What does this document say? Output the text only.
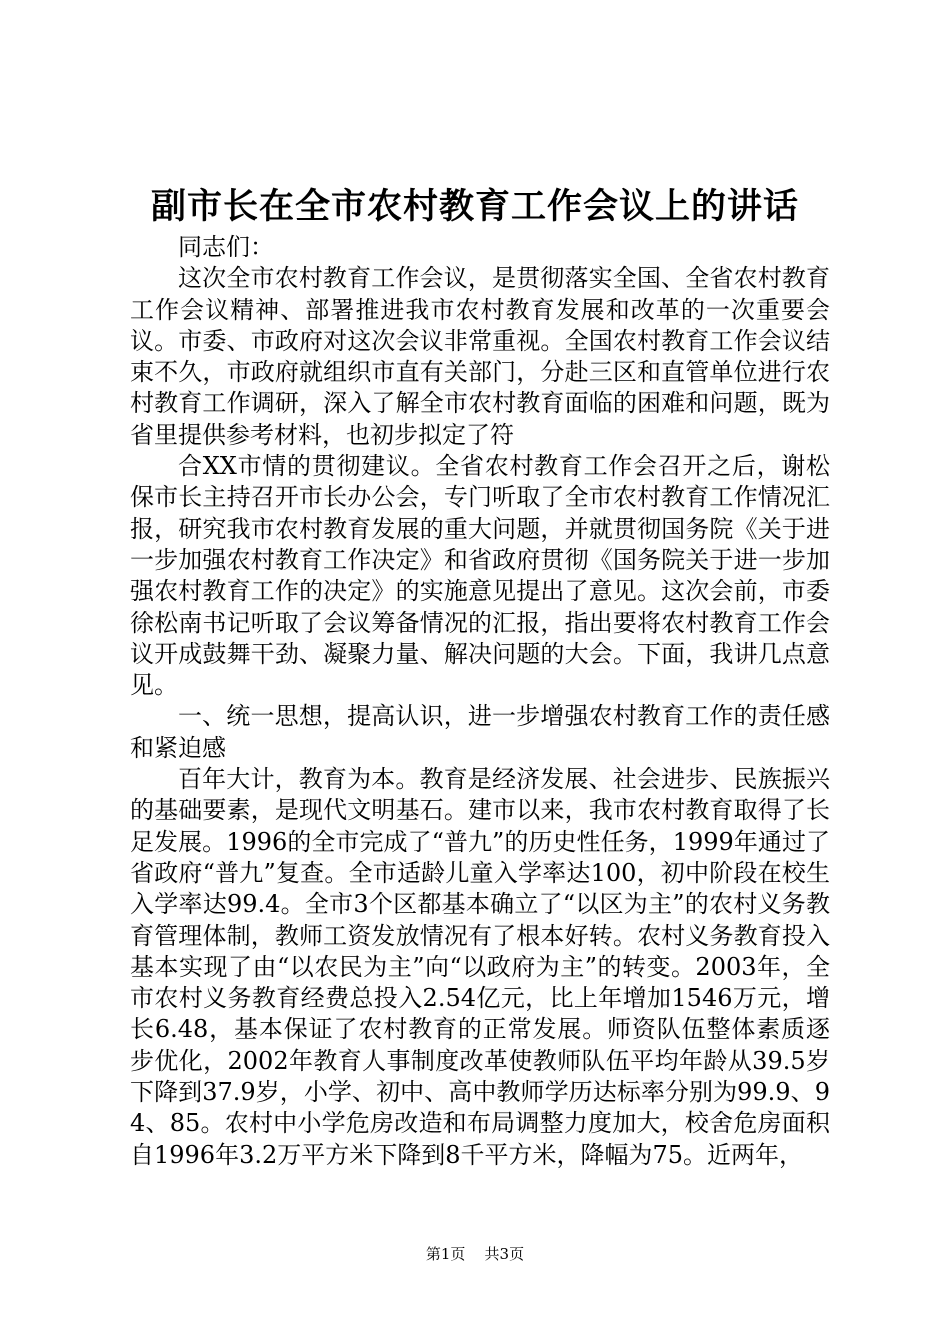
副市长在全市农村教育工作会议上的讲话

同志们：

这次全市农村教育工作会议，是贯彻落实全国、全省农村教育工作会议精神、部署推进我市农村教育发展和改革的一次重要会议。市委、市政府对这次会议非常重视。全国农村教育工作会议结束不久，市政府就组织市直有关部门，分赴三区和直管单位进行农村教育工作调研，深入了解全市农村教育面临的困难和问题，既为省里提供参考材料，也初步拟定了符

合XX市情的贯彻建议。全省农村教育工作会召开之后，谢松保市长主持召开市长办公会，专门听取了全市农村教育工作情况汇报，研究我市农村教育发展的重大问题，并就贯彻国务院《关于进一步加强农村教育工作决定》和省政府贯彻《国务院关于进一步加强农村教育工作的决定》的实施意见提出了意见。这次会前，市委徐松南书记听取了会议筹备情况的汇报，指出要将农村教育工作会议开成鼓舞干劲、凝聚力量、解决问题的大会。下面，我讲几点意见。

一、统一思想，提高认识，进一步增强农村教育工作的责任感和紧迫感

百年大计，教育为本。教育是经济发展、社会进步、民族振兴的基础要素，是现代文明基石。建市以来，我市农村教育取得了长足发展。1996的全市完成了“普九”的历史性任务，1999年通过了省政府“普九”复查。全市适龄儿童入学率达100，初中阶段在校生入学率达99.4。全市3个区都基本确立了“以区为主”的农村义务教育管理体制，教师工资发放情况有了根本好转。农村义务教育投入基本实现了由“以农民为主”向“以政府为主”的转变。2003年，全市农村义务教育经费总投入2.54亿元，比上年增加1546万元，增长6.48，基本保证了农村教育的正常发展。师资队伍整体素质逐步优化，2002年教育人事制度改革使教师队伍平均年龄从39.5岁下降到37.9岁，小学、初中、高中教师学历达标率分别为99.9、94、85。农村中小学危房改造和布局调整力度加大，校舍危房面积自1996年3.2万平方米下降到8千平方米，降幅为75。近两年，

第1页 共3页
